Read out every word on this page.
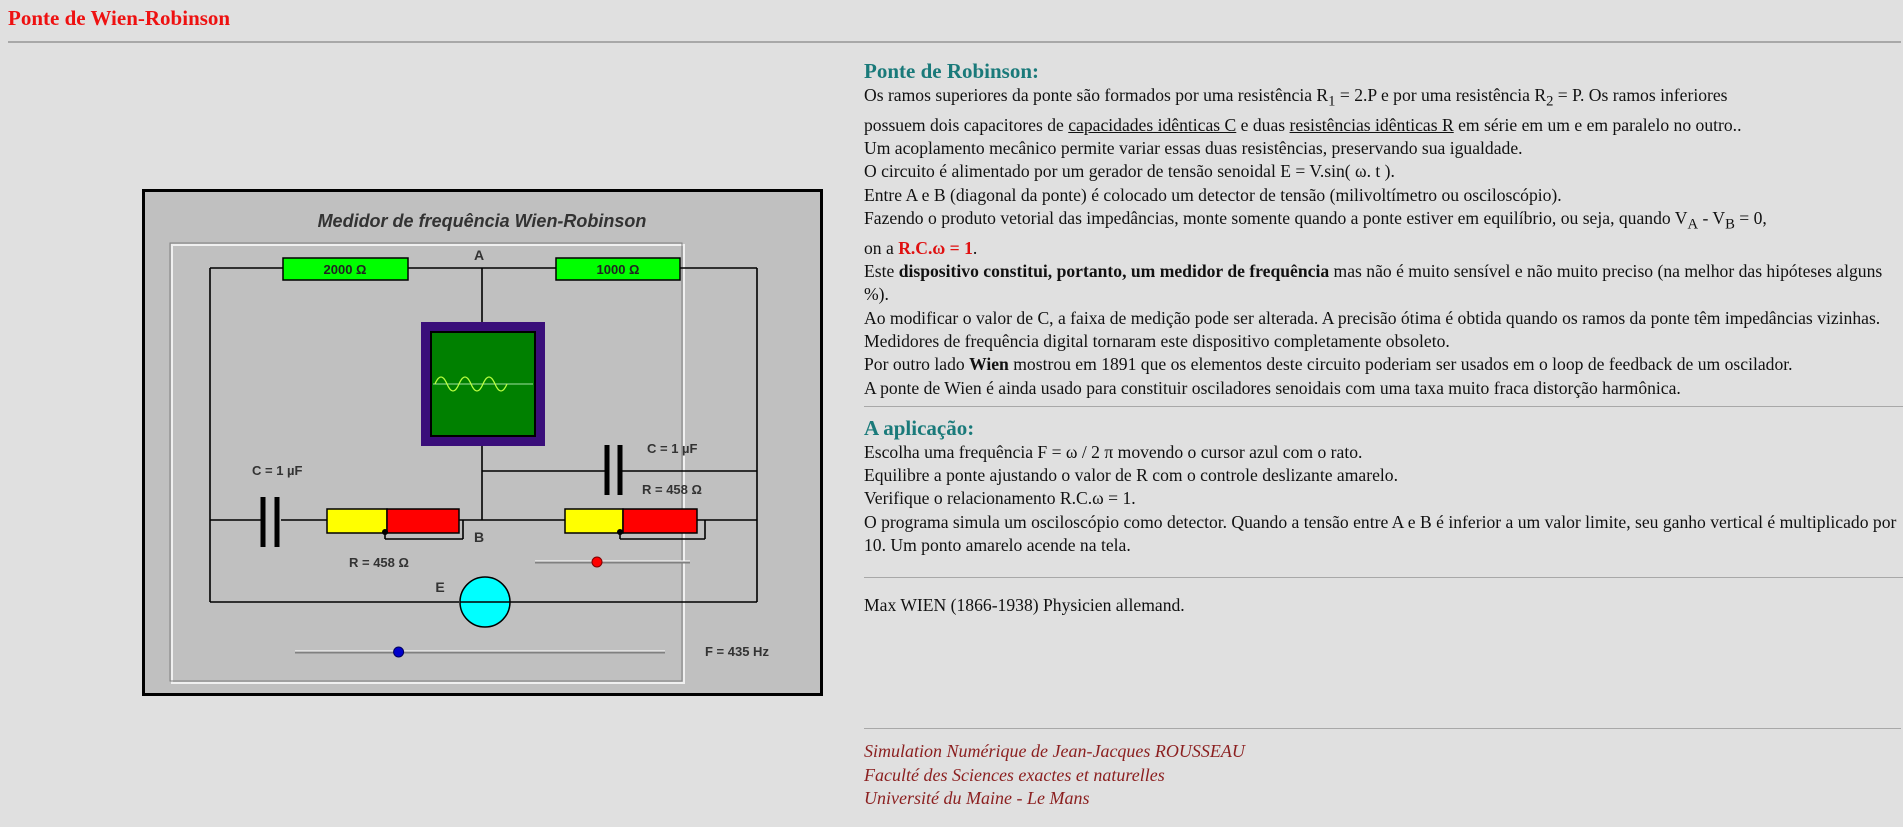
Ponte de Wien-Robinson
Medidor de frequência Wien-Robinson
2000 Ω	1000 Ω
A
C = 1 µF
R = 458 Ω
C = 1 µF
B
R = 458 Ω
E
F = 435 Hz
Ponte de Robinson:

Os ramos superiores da ponte são formados por uma resistência $R_1 = 2.P$ e por uma resistência $R_2 = P$. Os ramos inferiores

possuem dois capacitores de capacidades idênticas C e duas resistências idênticas R em série em um e em paralelo no outro..

Um acoplamento mecânico permite variar essas duas resistências, preservando sua igualdade.

O circuito é alimentado por um gerador de tensão senoidal E = V.sin( ω. t ).

Entre A e B (diagonal da ponte) é colocado um detector de tensão (milivoltímetro ou osciloscópio).

Fazendo o produto vetorial das impedâncias, monte somente quando a ponte estiver em equilíbrio, ou seja, quando $V_A - V_B = 0$,

on a R.C.ω = 1.

Este dispositivo constitui, portanto, um medidor de frequência mas não é muito sensível e não muito preciso (na melhor das hipóteses alguns %).

Ao modificar o valor de C, a faixa de medição pode ser alterada. A precisão ótima é obtida quando os ramos da ponte têm impedâncias vizinhas.

Medidores de frequência digital tornaram este dispositivo completamente obsoleto.

Por outro lado Wien mostrou em 1891 que os elementos deste circuito poderiam ser usados em o loop de feedback de um oscilador.

A ponte de Wien é ainda usado para constituir osciladores senoidais com uma taxa muito fraca distorção harmônica.

A aplicação:

Escolha uma frequência F = ω / 2 π movendo o cursor azul com o rato.

Equilibre a ponte ajustando o valor de R com o controle deslizante amarelo.

Verifique o relacionamento R.C.ω = 1.

O programa simula um osciloscópio como detector. Quando a tensão entre A e B é inferior a um valor limite, seu ganho vertical é multiplicado por 10. Um ponto amarelo acende na tela.

Max WIEN (1866-1938) Physicien allemand.

Simulation Numérique de Jean-Jacques ROUSSEAU
Faculté des Sciences exactes et naturelles
Université du Maine - Le Mans
